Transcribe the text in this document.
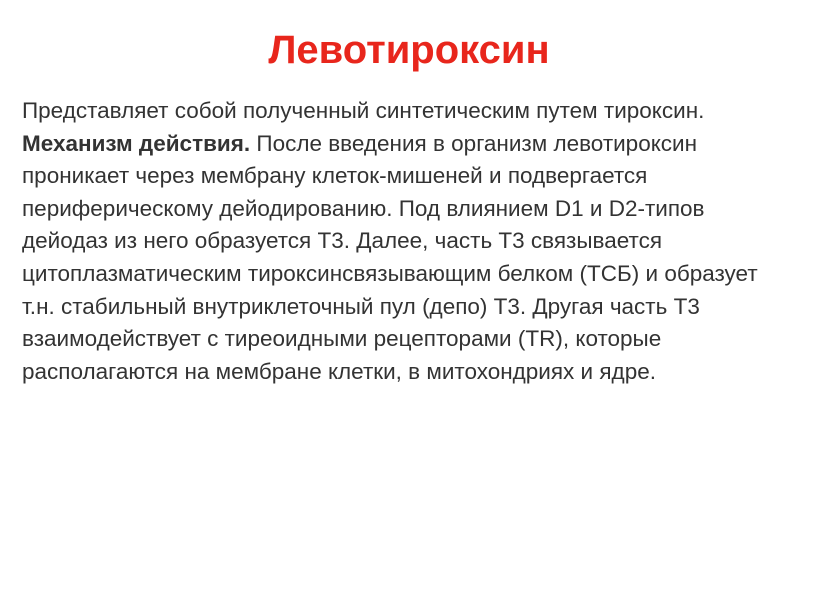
Левотироксин
Представляет собой полученный синтетическим путем тироксин.
Механизм действия. После введения в организм левотироксин проникает через мембрану клеток-мишеней и подвергается периферическому дейодированию. Под влиянием D1 и D2-типов дейодаз из него образуется Т3. Далее, часть Т3 связывается цитоплазматическим тироксинсвязывающим белком (ТСБ) и образует т.н. стабильный внутриклеточный пул (депо) Т3. Другая часть Т3 взаимодействует с тиреоидными рецепторами (TR), которые располагаются на мембране клетки, в митохондриях и ядре.
